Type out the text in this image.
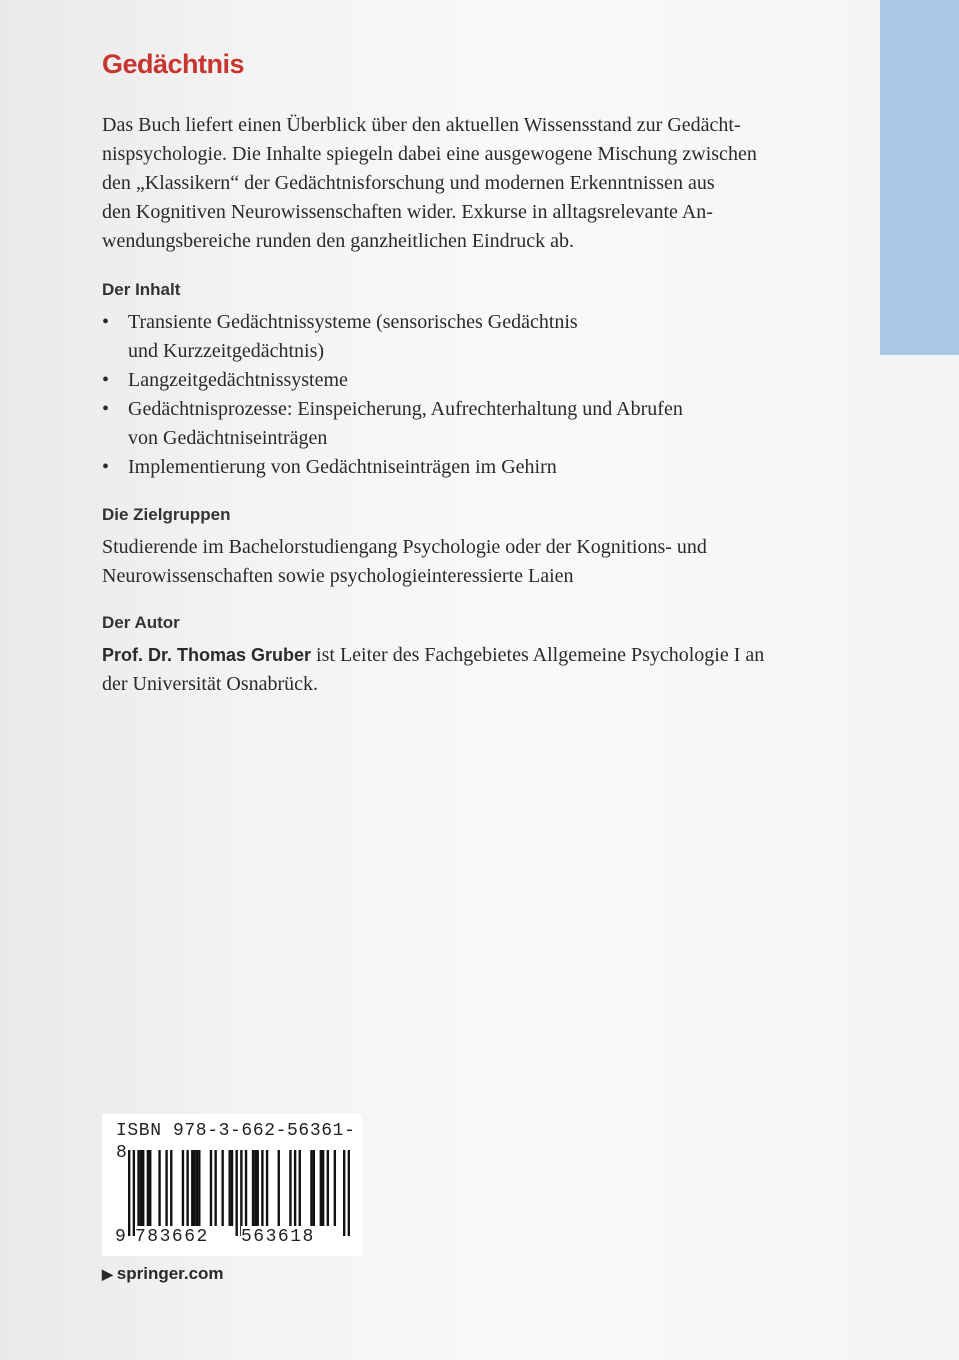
Gedächtnis

Das Buch liefert einen Überblick über den aktuellen Wissensstand zur Gedächt-
nispsychologie. Die Inhalte spiegeln dabei eine ausgewogene Mischung zwischen
den „Klassikern“ der Gedächtnisforschung und modernen Erkenntnissen aus
den Kognitiven Neurowissenschaften wider. Exkurse in alltagsrelevante An-
wendungsbereiche runden den ganzheitlichen Eindruck ab.

Der Inhalt
• Transiente Gedächtnissysteme (sensorisches Gedächtnis
und Kurzzeitgedächtnis)
• Langzeitgedächtnissysteme
• Gedächtnisprozesse: Einspeicherung, Aufrechterhaltung und Abrufen
von Gedächtniseinträgen
• Implementierung von Gedächtniseinträgen im Gehirn
Die Zielgruppen

Studierende im Bachelorstudiengang Psychologie oder der Kognitions- und
Neurowissenschaften sowie psychologieinteressierte Laien

Der Autor

Prof. Dr. Thomas Gruber ist Leiter des Fachgebietes Allgemeine Psychologie I an
der Universität Osnabrück.

ISBN 978-3-662-56361-8
9 783662 563618
▶ springer.com
